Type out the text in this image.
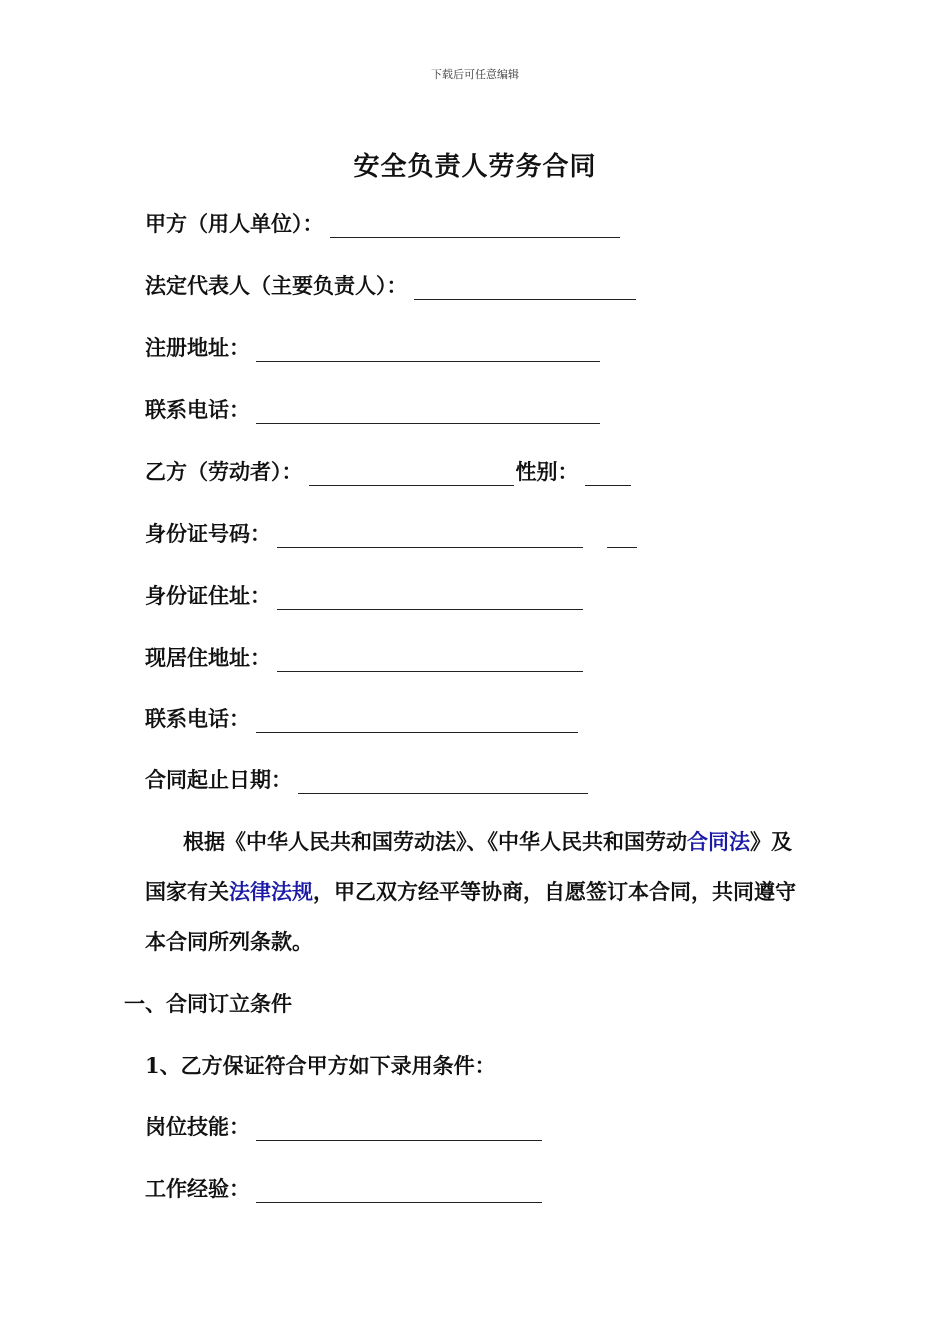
下载后可任意编辑
安全负责人劳务合同
甲方（用人单位）：
法定代表人（主要负责人）：
注册地址：
联系电话：
乙方（劳动者）：	性别：
身份证号码：
身份证住址：
现居住地址：
联系电话：
合同起止日期：
根据《中华人民共和国劳动法》、《中华人民共和国劳动合同法》及 国家有关法律法规，甲乙双方经平等协商，自愿签订本合同，共同遵守本合同所列条款。
一、合同订立条件
1、乙方保证符合甲方如下录用条件：
岗位技能：
工作经验：
